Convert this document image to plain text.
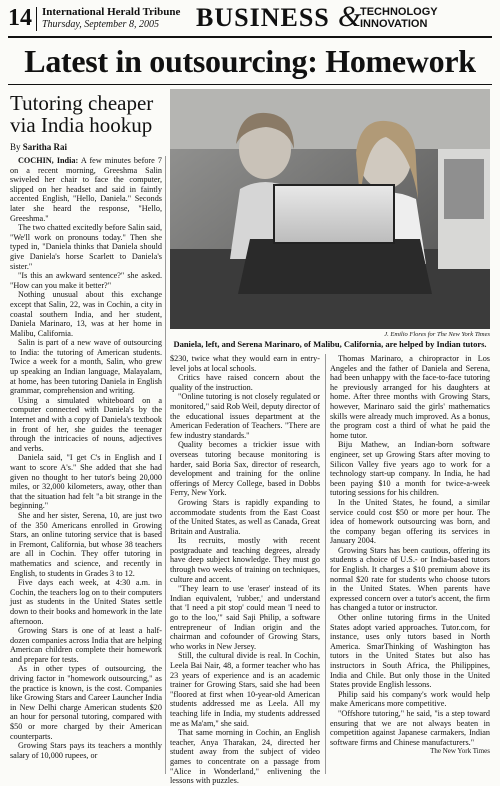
14 International Herald Tribune
Thursday, September 8, 2005 BUSINESS &
TECHNOLOGY
INNOVATION
Latest in outsourcing: Homework
Tutoring cheaper via India hookup
By Saritha Rai
J. Emilio Flores for The New York Times
Daniela, left, and Serena Marinaro, of Malibu, California, are helped by Indian tutors.

COCHIN, India: A few minutes before 7 on a recent morning, Greeshma Salin swiveled her chair to face the computer, slipped on her headset and said in faintly accented English, "Hello, Daniela." Seconds later she heard the response, "Hello, Greeshma."

The two chatted excitedly before Salin said, "We'll work on pronouns today." Then she typed in, "Daniela thinks that Daniela should give Daniela's horse Scarlett to Daniela's sister."

"Is this an awkward sentence?" she asked. "How can you make it better?"

Nothing unusual about this exchange except that Salin, 22, was in Cochin, a city in coastal southern India, and her student, Daniela Marinaro, 13, was at her home in Malibu, California.

Salin is part of a new wave of outsourcing to India: the tutoring of American students. Twice a week for a month, Salin, who grew up speaking an Indian language, Malayalam, at home, has been tutoring Daniela in English grammar, comprehension and writing.

Using a simulated whiteboard on a computer connected with Daniela's by the Internet and with a copy of Daniela's textbook in front of her, she guides the teenager through the intricacies of nouns, adjectives and verbs.

Daniela said, "I get C's in English and I want to score A's." She added that she had given no thought to her tutor's being 20,000 miles, or 32,000 kilometers, away, other than that the situation had felt "a bit strange in the beginning."

She and her sister, Serena, 10, are just two of the 350 Americans enrolled in Growing Stars, an online tutoring service that is based in Fremont, California, but whose 38 teachers are all in Cochin. They offer tutoring in mathematics and science, and recently in English, to students in Grades 3 to 12.

Five days each week, at 4:30 a.m. in Cochin, the teachers log on to their computers just as students in the United States settle down to their books and homework in the late afternoon.

Growing Stars is one of at least a half-dozen companies across India that are helping American children complete their homework and prepare for tests.

As in other types of outsourcing, the driving factor in "homework outsourcing," as the practice is known, is the cost. Companies like Growing Stars and Career Launcher India in New Delhi charge American students $20 an hour for personal tutoring, compared with $50 or more charged by their American counterparts.

Growing Stars pays its teachers a monthly salary of 10,000 rupees, or

$230, twice what they would earn in entry-level jobs at local schools.

Critics have raised concern about the quality of the instruction.

"Online tutoring is not closely regulated or monitored," said Rob Weil, deputy director of the educational issues department at the American Federation of Teachers. "There are few industry standards."

Quality becomes a trickier issue with overseas tutoring because monitoring is harder, said Boria Sax, director of research, development and training for the online offerings of Mercy College, based in Dobbs Ferry, New York.

Growing Stars is rapidly expanding to accommodate students from the East Coast of the United States, as well as Canada, Great Britain and Australia.

Its recruits, mostly with recent postgraduate and teaching degrees, already have deep subject knowledge. They must go through two weeks of training on techniques, culture and accent.

"They learn to use 'eraser' instead of its Indian equivalent, 'rubber,' and understand that 'I need a pit stop' could mean 'I need to go to the loo,'" said Saji Philip, a software entrepreneur of Indian origin and the chairman and cofounder of Growing Stars, who works in New Jersey.

Still, the cultural divide is real. In Cochin, Leela Bai Nair, 48, a former teacher who has 23 years of experience and is an academic trainer for Growing Stars, said she had been "floored at first when 10-year-old American students addressed me as Leela. All my teaching life in India, my students addressed me as Ma'am," she said.

That same morning in Cochin, an English teacher, Anya Tharakan, 24, directed her student away from the subject of video games to concentrate on a passage from "Alice in Wonderland," enlivening the lessons with puzzles.

Thomas Marinaro, a chiropractor in Los Angeles and the father of Daniela and Serena, had been unhappy with the face-to-face tutoring he previously arranged for his daughters at home. After three months with Growing Stars, however, Marinaro said the girls' mathematics skills were already much improved. As a bonus, the program cost a third of what he paid the home tutor.

Biju Mathew, an Indian-born software engineer, set up Growing Stars after moving to Silicon Valley five years ago to work for a technology start-up company. In India, he had been paying $10 a month for twice-a-week tutoring sessions for his children.

In the United States, he found, a similar service could cost $50 or more per hour. The idea of homework outsourcing was born, and the company began offering its services in January 2004.

Growing Stars has been cautious, offering its students a choice of U.S.- or India-based tutors for English. It charges a $10 premium above its normal $20 rate for students who choose tutors in the United States. When parents have expressed concern over a tutor's accent, the firm has changed a tutor or instructor.

Other online tutoring firms in the United States adopt varied approaches. Tutor.com, for instance, uses only tutors based in North America. SmarThinking of Washington has tutors in the United States but also has instructors in South Africa, the Philippines, India and Chile. But only those in the United States provide English lessons.

Philip said his company's work would help make Americans more competitive.

"Offshore tutoring," he said, "is a step toward ensuring that we are not always beaten in competition against Japanese carmakers, Indian software firms and Chinese manufacturers."

The New York Times
